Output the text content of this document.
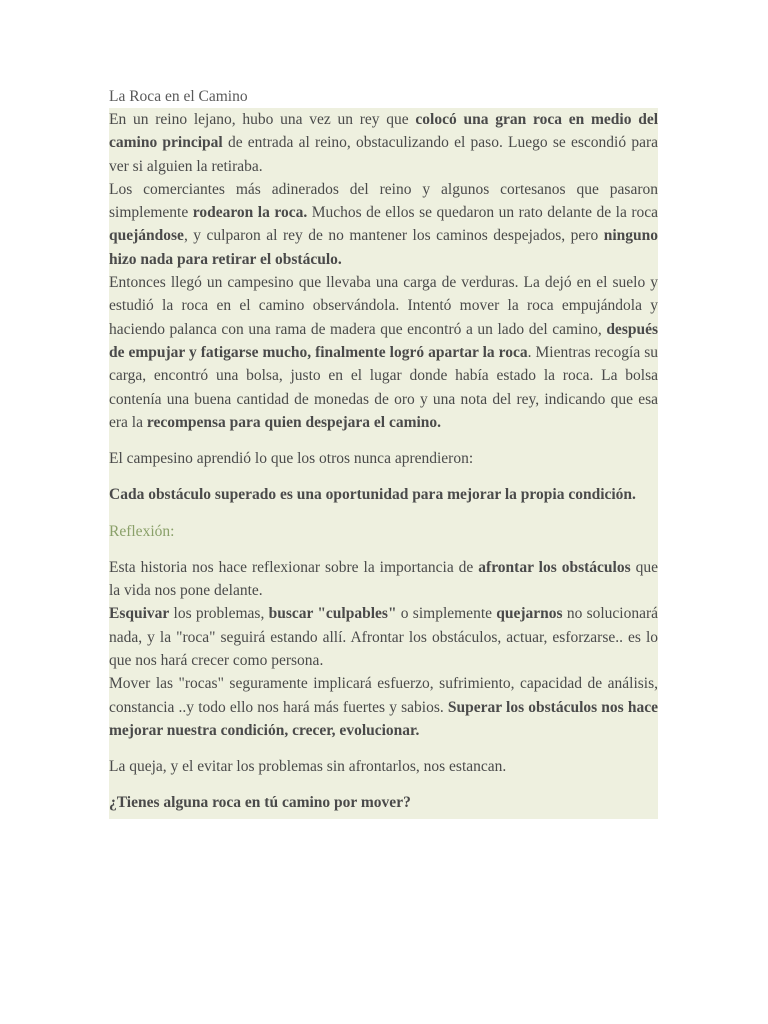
La Roca en el Camino

En un reino lejano, hubo una vez un rey que colocó una gran roca en medio del camino principal de entrada al reino, obstaculizando el paso. Luego se escondió para ver si alguien la retiraba.

Los comerciantes más adinerados del reino y algunos cortesanos que pasaron simplemente rodearon la roca. Muchos de ellos se quedaron un rato delante de la roca quejándose, y culparon al rey de no mantener los caminos despejados, pero ninguno hizo nada para retirar el obstáculo.

Entonces llegó un campesino que llevaba una carga de verduras. La dejó en el suelo y estudió la roca en el camino observándola. Intentó mover la roca empujándola y haciendo palanca con una rama de madera que encontró a un lado del camino, después de empujar y fatigarse mucho, finalmente logró apartar la roca. Mientras recogía su carga, encontró una bolsa, justo en el lugar donde había estado la roca. La bolsa contenía una buena cantidad de monedas de oro y una nota del rey, indicando que esa era la recompensa para quien despejara el camino.

El campesino aprendió lo que los otros nunca aprendieron:

Cada obstáculo superado es una oportunidad para mejorar la propia condición.

Reflexión:

Esta historia nos hace reflexionar sobre la importancia de afrontar los obstáculos que la vida nos pone delante.

Esquivar los problemas, buscar "culpables" o simplemente quejarnos no solucionará nada, y la "roca" seguirá estando allí. Afrontar los obstáculos, actuar, esforzarse.. es lo que nos hará crecer como persona.

Mover las "rocas" seguramente implicará esfuerzo, sufrimiento, capacidad de análisis, constancia ..y todo ello nos hará más fuertes y sabios. Superar los obstáculos nos hace mejorar nuestra condición, crecer, evolucionar.

La queja, y el evitar los problemas sin afrontarlos, nos estancan.

¿Tienes alguna roca en tú camino por mover?
